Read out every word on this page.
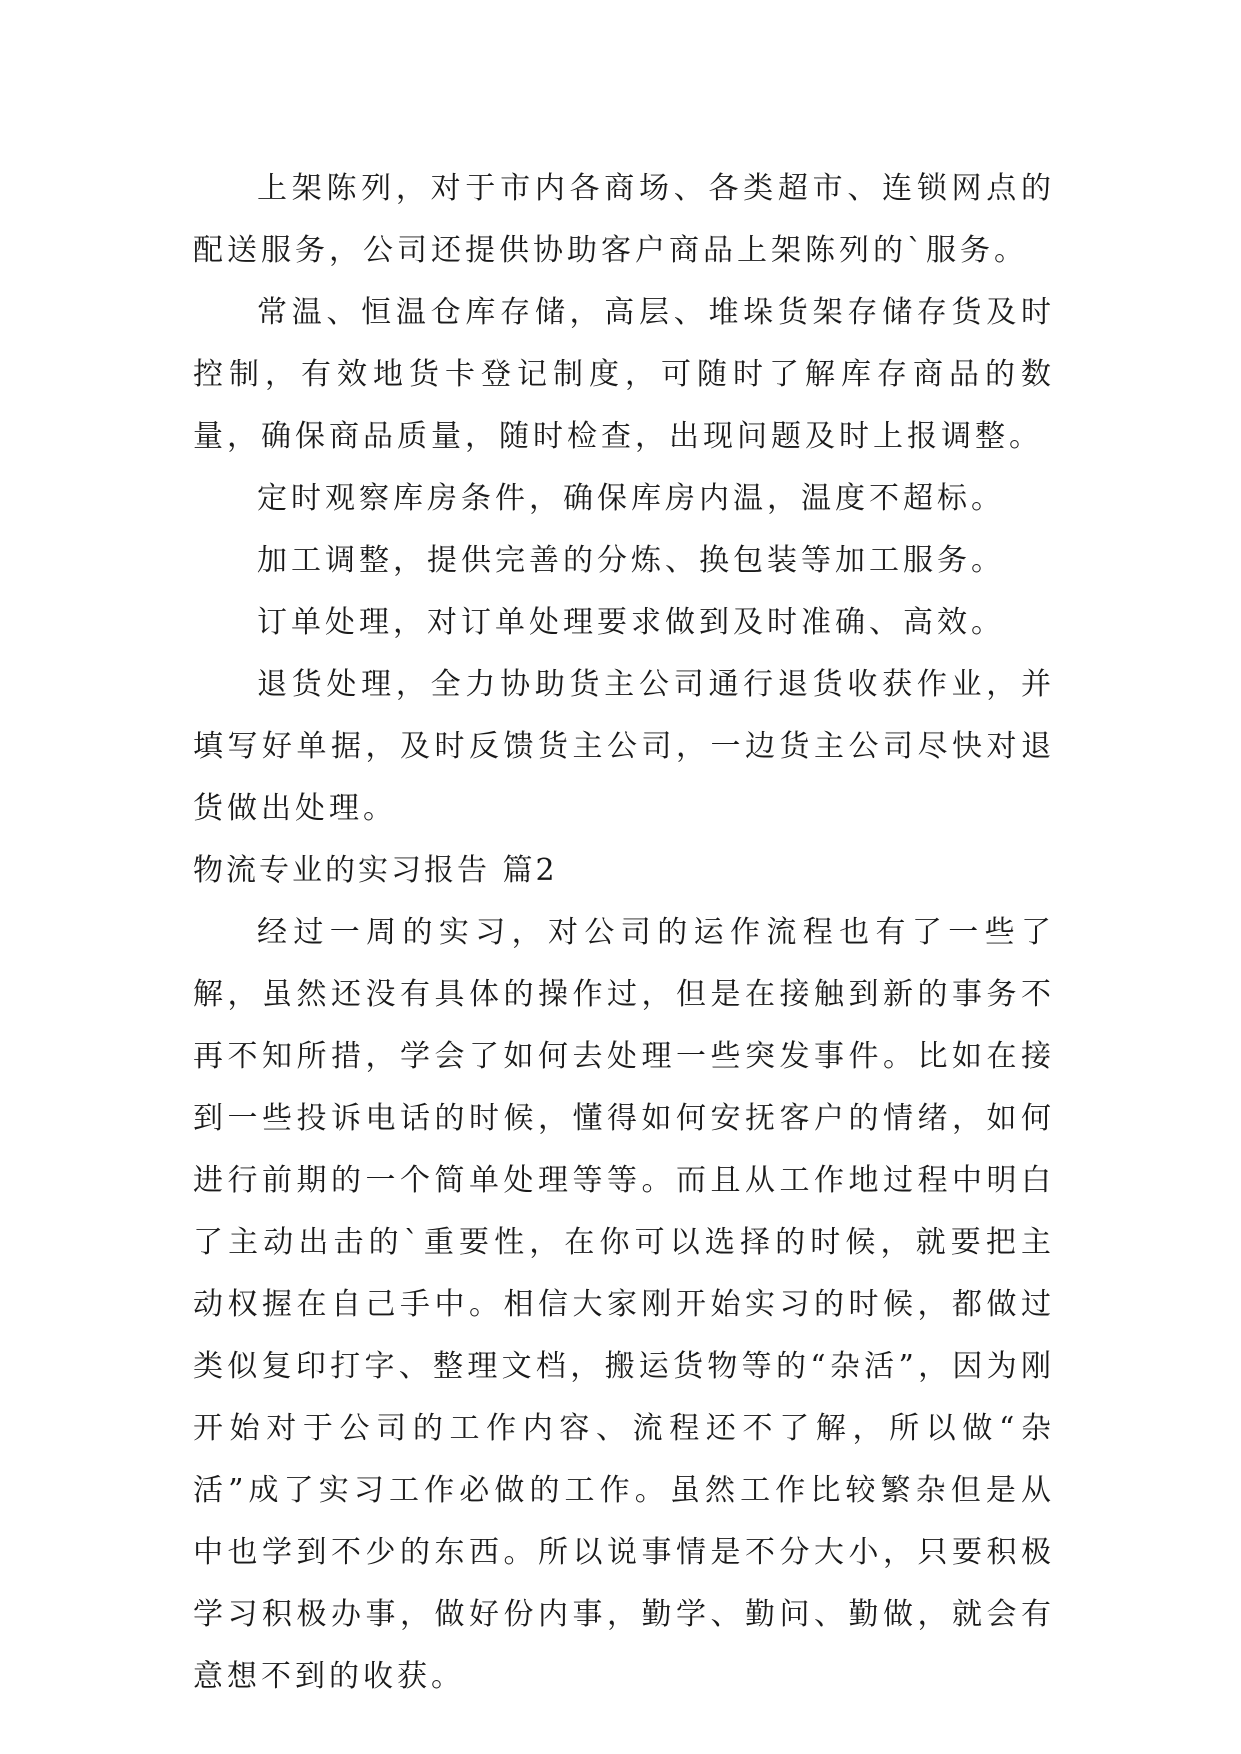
上架陈列，对于市内各商场、各类超市、连锁网点的配送服务，公司还提供协助客户商品上架陈列的`服务。

常温、恒温仓库存储，高层、堆垛货架存储存货及时控制，有效地货卡登记制度，可随时了解库存商品的数量，确保商品质量，随时检查，出现问题及时上报调整。

定时观察库房条件，确保库房内温，温度不超标。

加工调整，提供完善的分炼、换包装等加工服务。

订单处理，对订单处理要求做到及时准确、高效。

退货处理，全力协助货主公司通行退货收获作业，并填写好单据，及时反馈货主公司，一边货主公司尽快对退货做出处理。

物流专业的实习报告 篇2

经过一周的实习，对公司的运作流程也有了一些了解，虽然还没有具体的操作过，但是在接触到新的事务不再不知所措，学会了如何去处理一些突发事件。比如在接到一些投诉电话的时候，懂得如何安抚客户的情绪，如何进行前期的一个简单处理等等。而且从工作地过程中明白了主动出击的`重要性，在你可以选择的时候，就要把主动权握在自己手中。相信大家刚开始实习的时候，都做过类似复印打字、整理文档，搬运货物等的“杂活”，因为刚开始对于公司的工作内容、流程还不了解，所以做“杂活”成了实习工作必做的工作。虽然工作比较繁杂但是从中也学到不少的东西。所以说事情是不分大小，只要积极学习积极办事，做好份内事，勤学、勤问、勤做，就会有意想不到的收获。
